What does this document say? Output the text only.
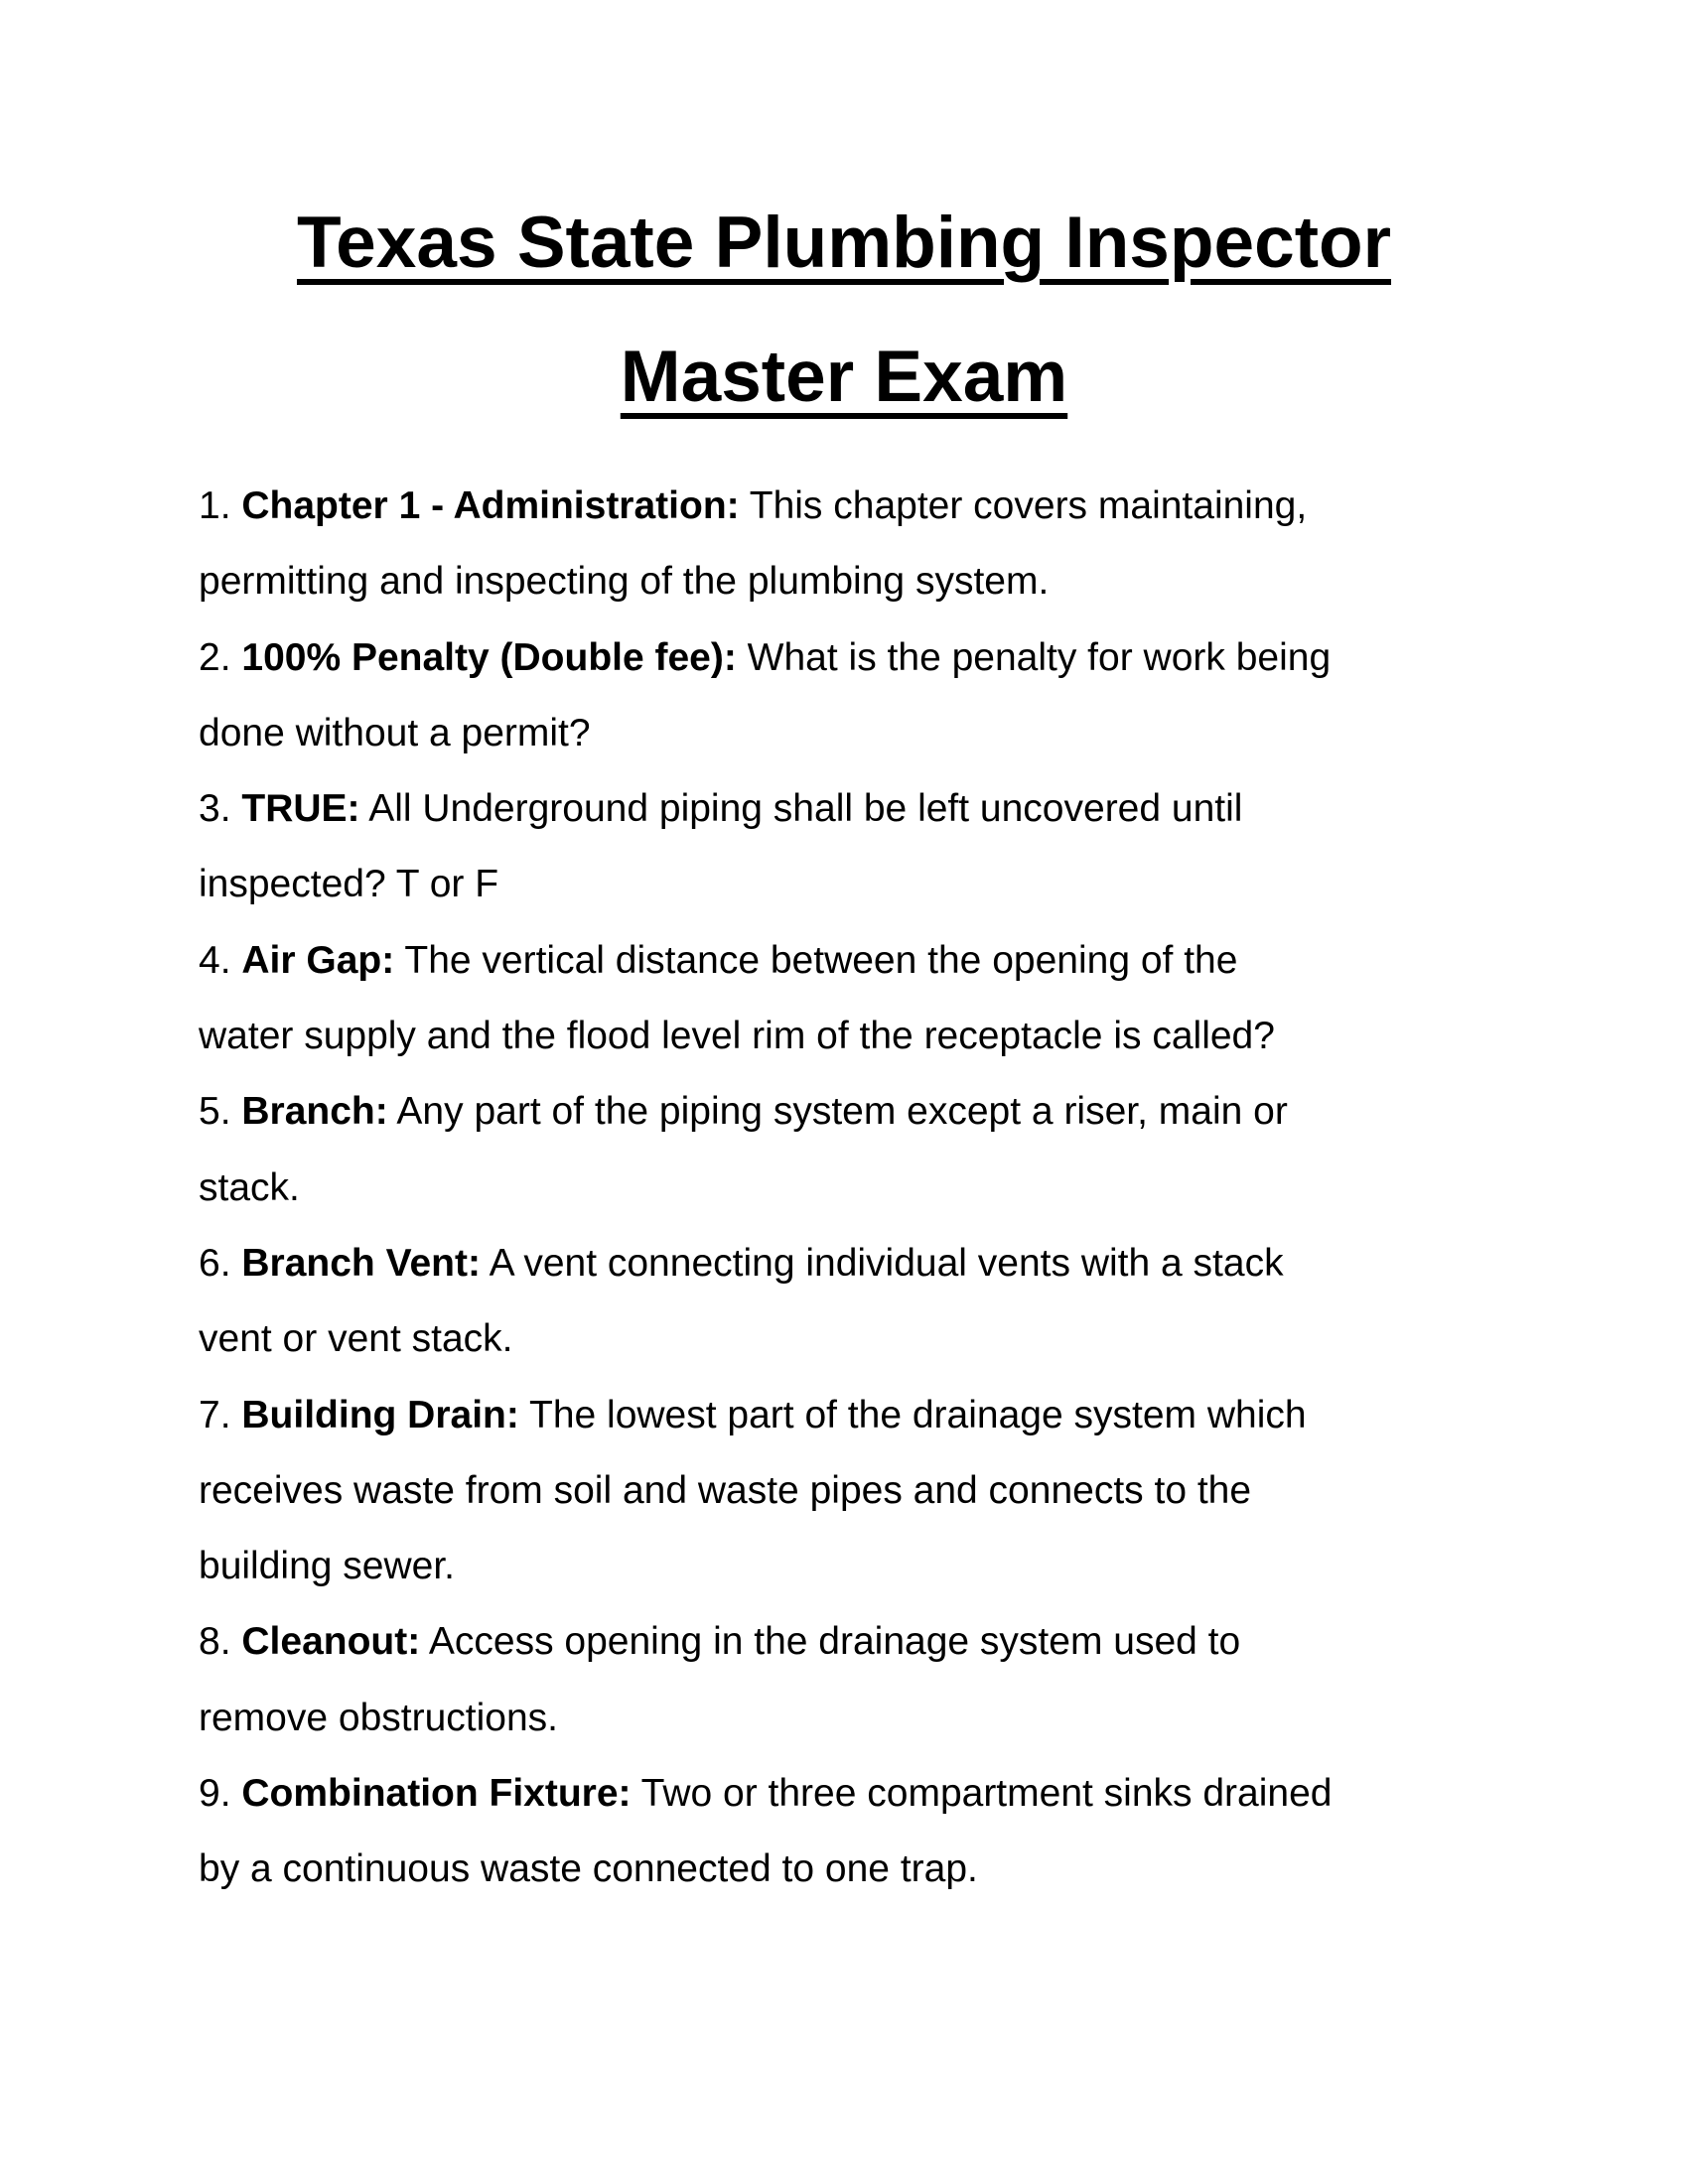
Texas State Plumbing Inspector
Master Exam
1. Chapter 1 - Administration: This chapter covers maintaining,
permitting and inspecting of the plumbing system.
2. 100% Penalty (Double fee): What is the penalty for work being
done without a permit?
3. TRUE: All Underground piping shall be left uncovered until
inspected? T or F
4. Air Gap: The vertical distance between the opening of the
water supply and the flood level rim of the receptacle is called?
5. Branch: Any part of the piping system except a riser, main or
stack.
6. Branch Vent: A vent connecting individual vents with a stack
vent or vent stack.
7. Building Drain: The lowest part of the drainage system which
receives waste from soil and waste pipes and connects to the
building sewer.
8. Cleanout: Access opening in the drainage system used to
remove obstructions.
9. Combination Fixture: Two or three compartment sinks drained
by a continuous waste connected to one trap.
